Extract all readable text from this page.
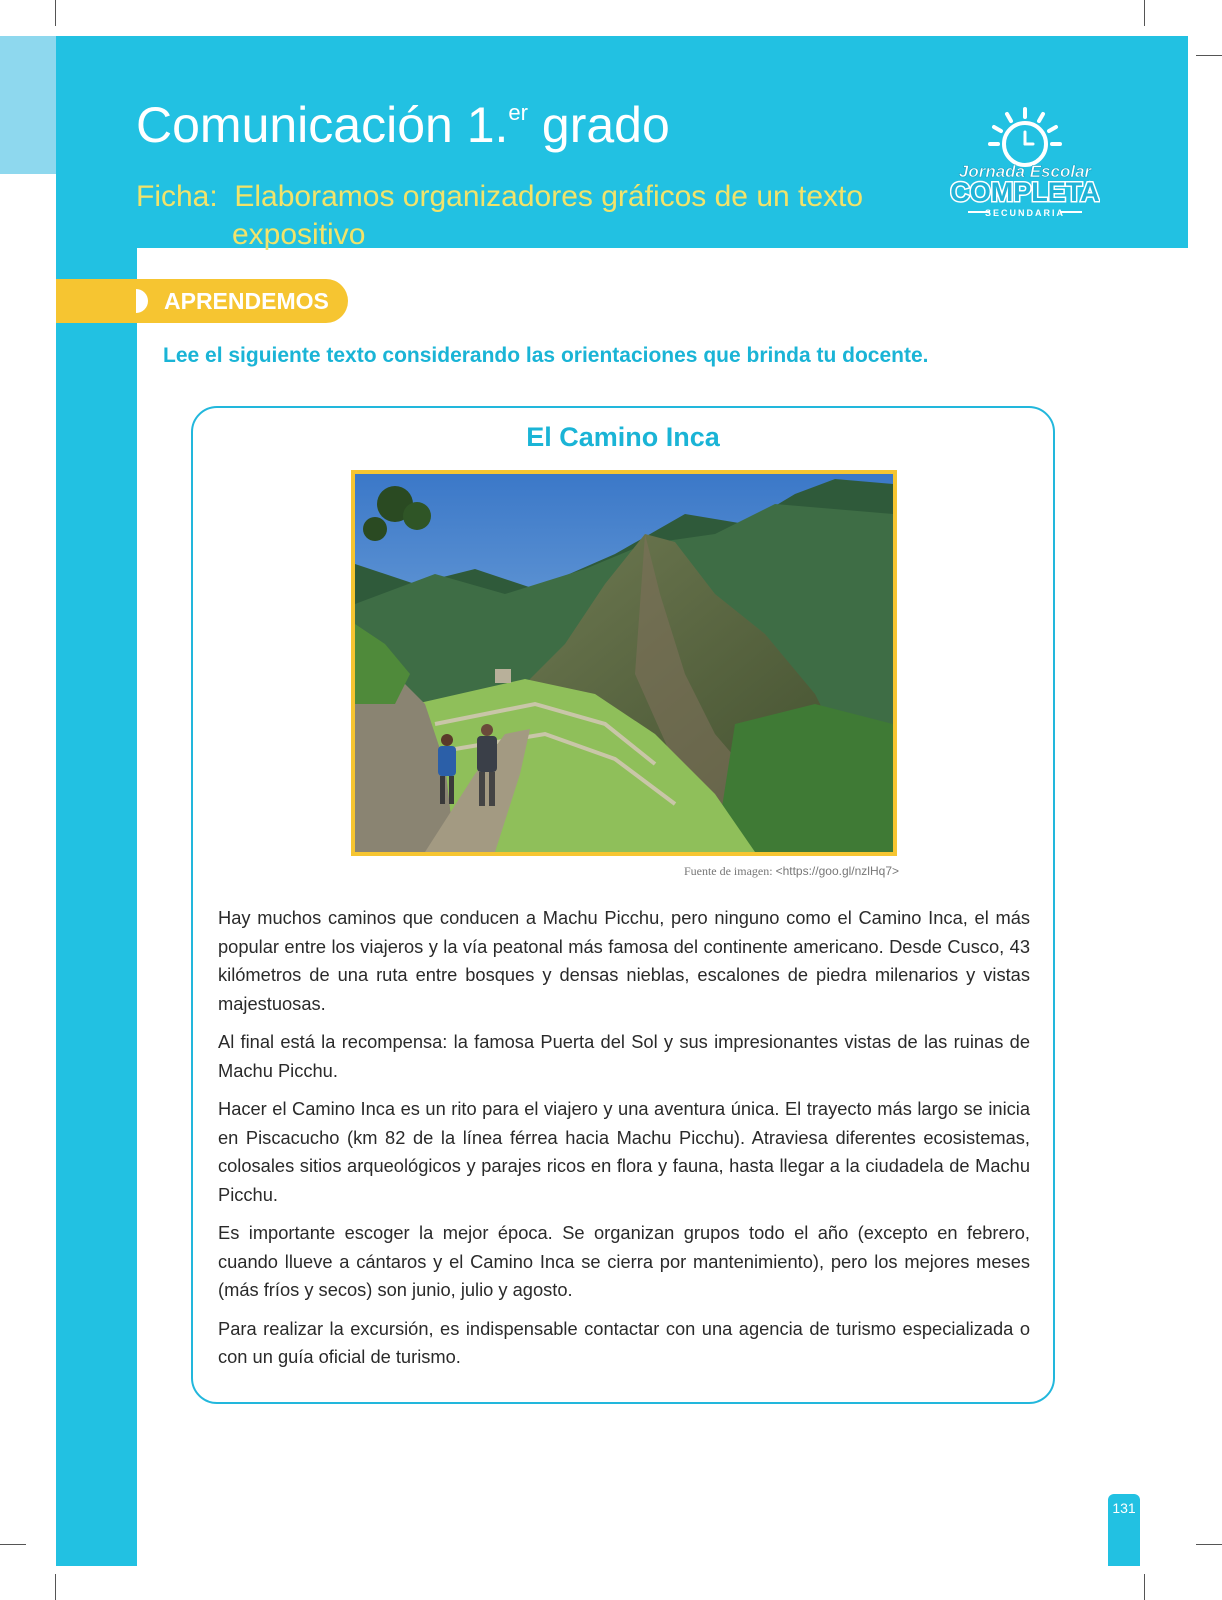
Comunicación 1.$^{er}$ grado
Ficha: Elaboramos organizadores gráficos de un texto
expositivo
Jornada Escolar
COMPLETA
SECUNDARIA
APRENDEMOS
Lee el siguiente texto considerando las orientaciones que brinda tu docente.
El Camino Inca
Fuente de imagen: <https://goo.gl/nzlHq7>

Hay muchos caminos que conducen a Machu Picchu, pero ninguno como el Camino Inca, el más popular entre los viajeros y la vía peatonal más famosa del continente americano. Desde Cusco, 43 kilómetros de una ruta entre bosques y densas nieblas, escalones de piedra milenarios y vistas majestuosas.

Al final está la recompensa: la famosa Puerta del Sol y sus impresionantes vistas de las ruinas de Machu Picchu.

Hacer el Camino Inca es un rito para el viajero y una aventura única. El trayecto más largo se inicia en Piscacucho (km 82 de la línea férrea hacia Machu Picchu). Atraviesa diferentes ecosistemas, colosales sitios arqueológicos y parajes ricos en flora y fauna, hasta llegar a la ciudadela de Machu Picchu.

Es importante escoger la mejor época. Se organizan grupos todo el año (excepto en febrero, cuando llueve a cántaros y el Camino Inca se cierra por mantenimiento), pero los mejores meses (más fríos y secos) son junio, julio y agosto.

Para realizar la excursión, es indispensable contactar con una agencia de turismo especializada o con un guía oficial de turismo.

131
